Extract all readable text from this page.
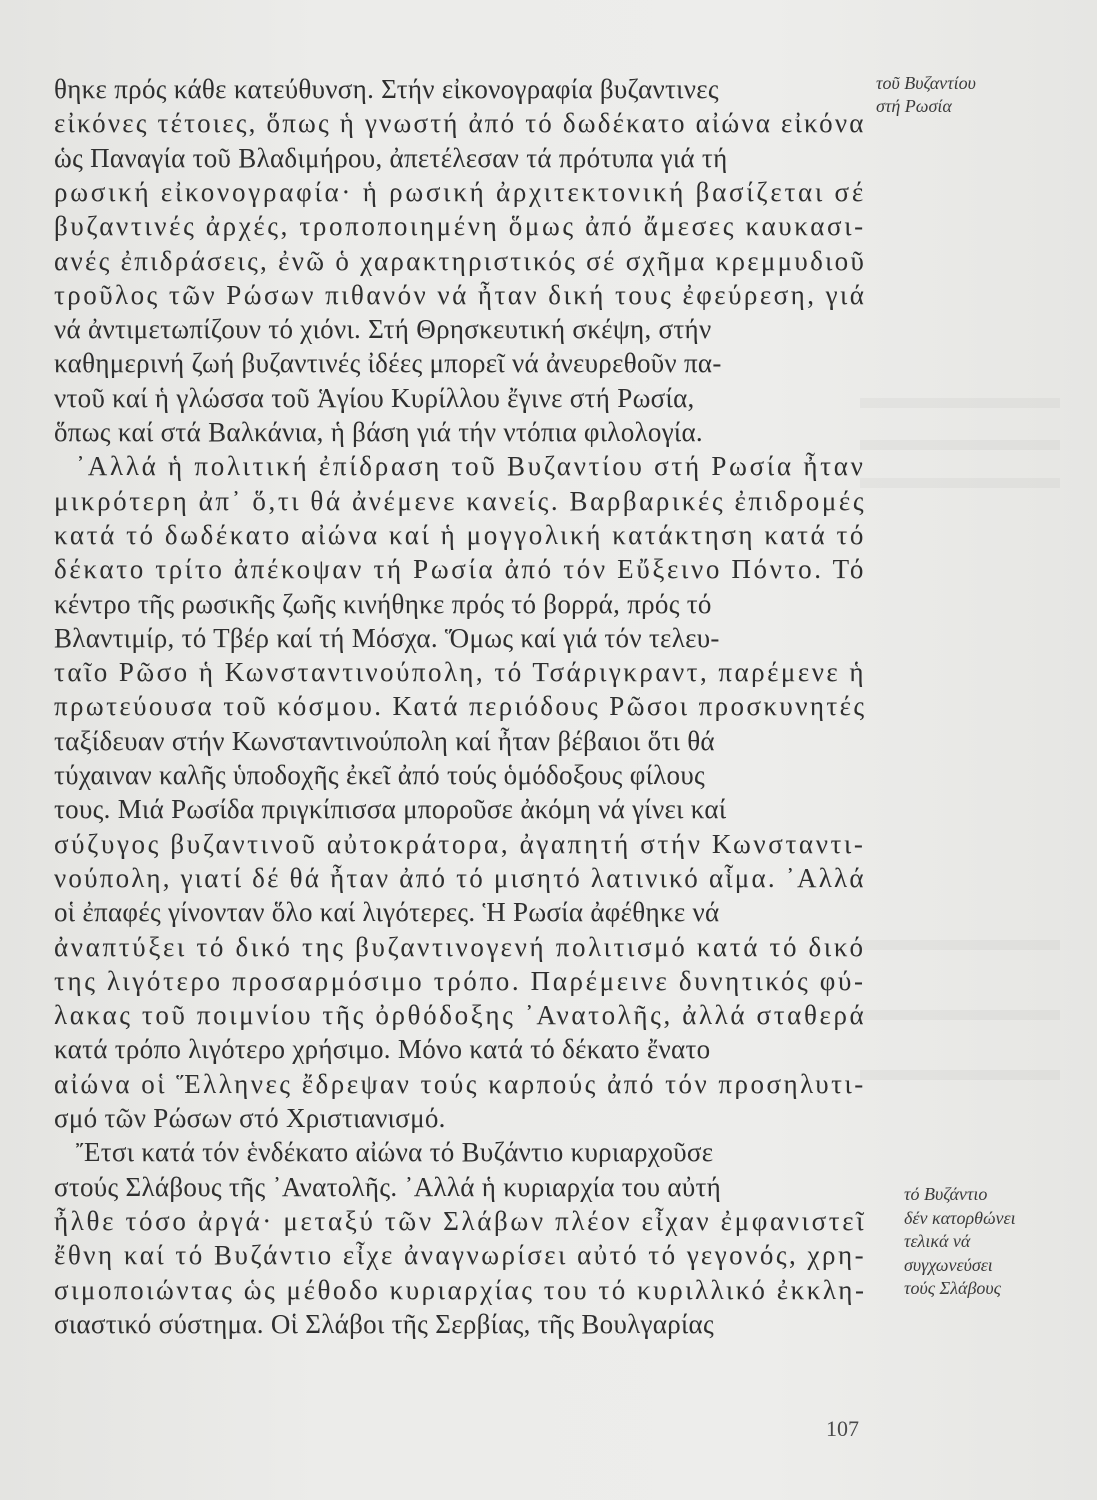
θηκε πρός κάθε κατεύθυνση. Στήν εἰκονογραφία βυζαντινες
εἰκόνες τέτοιες, ὅπως ἡ γνωστή ἀπό τό δωδέκατο αἰώνα εἰκόνα
ὡς Παναγία τοῦ Βλαδιμήρου, ἀπετέλεσαν τά πρότυπα γιά τή
ρωσική εἰκονογραφία· ἡ ρωσική ἀρχιτεκτονική βασίζεται σέ
βυζαντινές ἀρχές, τροποποιημένη ὅμως ἀπό ἄμεσες καυκασι-
ανές ἐπιδράσεις, ἐνῶ ὁ χαρακτηριστικός σέ σχῆμα κρεμμυδιοῦ
τροῦλος τῶν Ρώσων πιθανόν νά ἦταν δική τους ἐφεύρεση, γιά
νά ἀντιμετωπίζουν τό χιόνι. Στή Θρησκευτική σκέψη, στήν
καθημερινή ζωή βυζαντινές ἰδέες μπορεῖ νά ἀνευρεθοῦν πα-
ντοῦ καί ἡ γλώσσα τοῦ Ἁγίου Κυρίλλου ἔγινε στή Ρωσία,
ὅπως καί στά Βαλκάνια, ἡ βάση γιά τήν ντόπια φιλολογία.
᾿Αλλά ἡ πολιτική ἐπίδραση τοῦ Βυζαντίου στή Ρωσία ἦταν
μικρότερη ἀπ᾿ ὅ,τι θά ἀνέμενε κανείς. Βαρβαρικές ἐπιδρομές
κατά τό δωδέκατο αἰώνα καί ἡ μογγολική κατάκτηση κατά τό
δέκατο τρίτο ἀπέκοψαν τή Ρωσία ἀπό τόν Εὔξεινο Πόντο. Τό
κέντρο τῆς ρωσικῆς ζωῆς κινήθηκε πρός τό βορρά, πρός τό
Βλαντιμίρ, τό Τβέρ καί τή Μόσχα. Ὅμως καί γιά τόν τελευ-
ταῖο Ρῶσο ἡ Κωνσταντινούπολη, τό Τσάριγκραντ, παρέμενε ἡ
πρωτεύουσα τοῦ κόσμου. Κατά περιόδους Ρῶσοι προσκυνητές
ταξίδευαν στήν Κωνσταντινούπολη καί ἦταν βέβαιοι ὅτι θά
τύχαιναν καλῆς ὑποδοχῆς ἐκεῖ ἀπό τούς ὁμόδοξους φίλους
τους. Μιά Ρωσίδα πριγκίπισσα μποροῦσε ἀκόμη νά γίνει καί
σύζυγος βυζαντινοῦ αὐτοκράτορα, ἀγαπητή στήν Κωνσταντι-
νούπολη, γιατί δέ θά ἦταν ἀπό τό μισητό λατινικό αἷμα. ᾿Αλλά
οἱ ἐπαφές γίνονταν ὅλο καί λιγότερες. Ἡ Ρωσία ἀφέθηκε νά
ἀναπτύξει τό δικό της βυζαντινογενή πολιτισμό κατά τό δικό
της λιγότερο προσαρμόσιμο τρόπο. Παρέμεινε δυνητικός φύ-
λακας τοῦ ποιμνίου τῆς ὀρθόδοξης ᾿Ανατολῆς, ἀλλά σταθερά
κατά τρόπο λιγότερο χρήσιμο. Μόνο κατά τό δέκατο ἔνατο
αἰώνα οἱ Ἕλληνες ἔδρεψαν τούς καρπούς ἀπό τόν προσηλυτι-
σμό τῶν Ρώσων στό Χριστιανισμό.
Ἔτσι κατά τόν ἑνδέκατο αἰώνα τό Βυζάντιο κυριαρχοῦσε
στούς Σλάβους τῆς ᾿Ανατολῆς. ᾿Αλλά ἡ κυριαρχία του αὐτή
ἦλθε τόσο ἀργά· μεταξύ τῶν Σλάβων πλέον εἶχαν ἐμφανιστεῖ
ἔθνη καί τό Βυζάντιο εἶχε ἀναγνωρίσει αὐτό τό γεγονός, χρη-
σιμοποιώντας ὡς μέθοδο κυριαρχίας του τό κυριλλικό ἐκκλη-
σιαστικό σύστημα. Οἱ Σλάβοι τῆς Σερβίας, τῆς Βουλγαρίας
τοῦ Βυζαντίου
στή Ρωσία
τό Βυζάντιο
δέν κατορθώνει
τελικά νά
συγχωνεύσει
τούς Σλάβους
107
